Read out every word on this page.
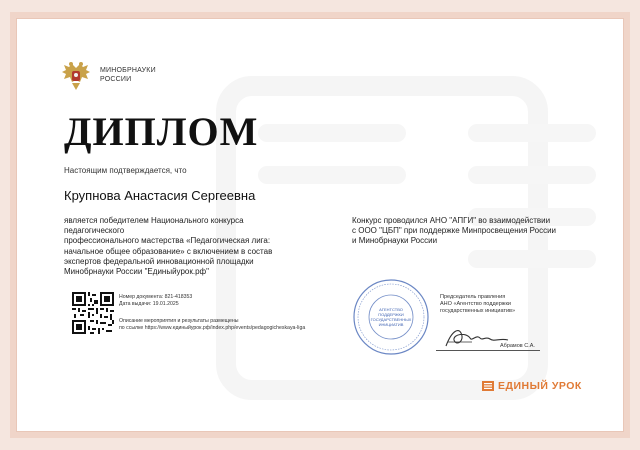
МИНОБРНАУКИ
РОССИИ
ДИПЛОМ
Настоящим подтверждается, что
Крупнова Анастасия Сергеевна
является победителем Национального конкурса педагогического
профессионального мастерства «Педагогическая лига:
начальное общее образование» с включением в состав
экспертов федеральной инновационной площадки
Минобрнауки России "Единыйурок.рф"
Конкурс проводился АНО "АПГИ" во взаимодействии
с ООО "ЦБП" при поддержке Минпросвещения России
и Минобрнауки России
Номер документа: 821-418353
Дата выдачи: 19.01.2025
Описание мероприятия и результаты размещены
по ссылке https://www.единыйурок.рф/index.php/events/pedagogicheskaya-liga
АГЕНТСТВО
ПОДДЕРЖКИ
ГОСУДАРСТВЕННЫХ
ИНИЦИАТИВ
Председатель правления
АНО «Агентство поддержки
государственных инициатив»
Абрамов С.А.
ЕДИНЫЙ УРОК
